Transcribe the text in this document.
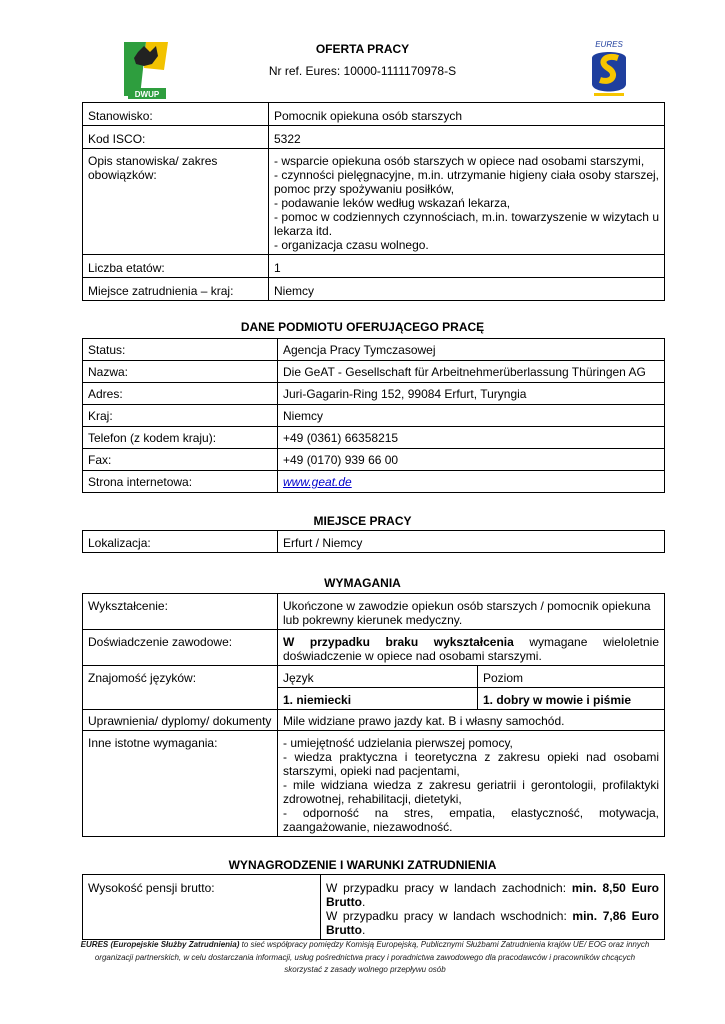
DWUP
OFERTA PRACY
Nr ref. Eures: 10000-1111170978-S
EURES
Stanowisko:	Pomocnik opiekuna osób starszych
Kod ISCO:	5322
Opis stanowiska/ zakres obowiązków:	- wsparcie opiekuna osób starszych w opiece nad osobami starszymi,
- czynności pielęgnacyjne, m.in. utrzymanie higieny ciała osoby starszej, pomoc przy spożywaniu posiłków,
- podawanie leków według wskazań lekarza,
- pomoc w codziennych czynnościach, m.in. towarzyszenie w wizytach u lekarza itd.
- organizacja czasu wolnego.

Liczba etatów:	1
Miejsce zatrudnienia – kraj:	Niemcy
DANE PODMIOTU OFERUJĄCEGO PRACĘ
Status:	Agencja Pracy Tymczasowej
Nazwa:	Die GeAT - Gesellschaft für Arbeitnehmerüberlassung Thüringen AG
Adres:	Juri-Gagarin-Ring 152, 99084 Erfurt, Turyngia
Kraj:	Niemcy
Telefon (z kodem kraju):	+49 (0361) 66358215
Fax:	+49 (0170) 939 66 00
Strona internetowa:	www.geat.de
MIEJSCE PRACY
Lokalizacja:	Erfurt / Niemcy
WYMAGANIA
Wykształcenie:	Ukończone w zawodzie opiekun osób starszych / pomocnik opiekuna lub pokrewny kierunek medyczny.	
Doświadczenie zawodowe:	W przypadku braku wykształcenia wymagane wieloletnie doświadczenie w opiece nad osobami starszymi.	
Znajomość języków:	Język	Poziom
	1. niemiecki	1. dobry w mowie i piśmie
Uprawnienia/ dyplomy/ dokumenty	Mile widziane prawo jazdy kat. B i własny samochód.	
Inne istotne wymagania:	- umiejętność udzielania pierwszej pomocy,
- wiedza praktyczna i teoretyczna z zakresu opieki nad osobami starszymi, opieki nad pacjentami,
- mile widziana wiedza z zakresu geriatrii i gerontologii, profilaktyki zdrowotnej, rehabilitacji, dietetyki,
- odporność na stres, empatia, elastyczność, motywacja, zaangażowanie, niezawodność.	
WYNAGRODZENIE I WARUNKI ZATRUDNIENIA
Wysokość pensji brutto:	W przypadku pracy w landach zachodnich: min. 8,50 Euro Brutto.
W przypadku pracy w landach wschodnich: min. 7,86 Euro Brutto.
EURES (Europejskie Służby Zatrudnienia) to sieć współpracy pomiędzy Komisją Europejską, Publicznymi Służbami Zatrudnienia krajów UE/ EOG oraz innych organizacji partnerskich, w celu dostarczania informacji, usług pośrednictwa pracy i poradnictwa zawodowego dla pracodawców i pracowników chcących skorzystać z zasady wolnego przepływu osób
